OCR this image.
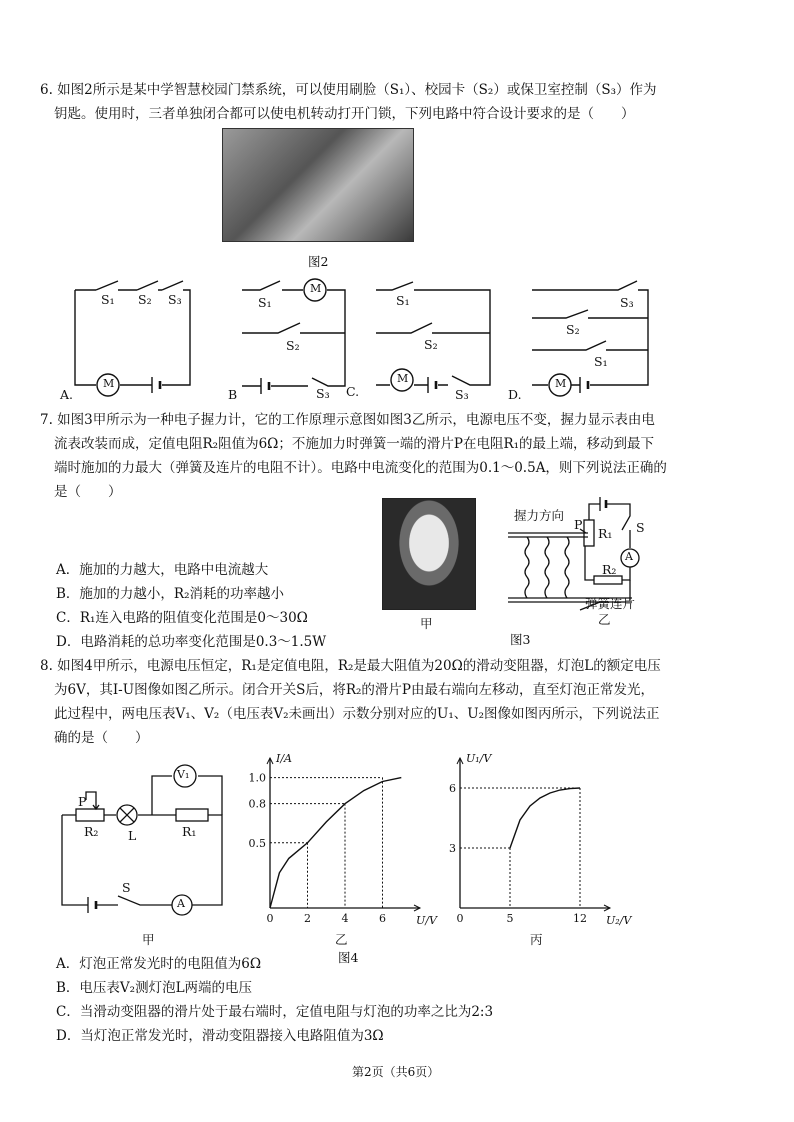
6. 如图2所示是某中学智慧校园门禁系统，可以使用刷脸（S₁）、校园卡（S₂）或保卫室控制（S₃）作为
钥匙。使用时，三者单独闭合都可以使电机转动打开门锁，下列电路中符合设计要求的是（　　）
图2
S₁ S₂ S₃
M
A.
S₁
S₂
S₃
M
B	C.
S₁
S₂
S₃
M
S₃
S₂
S₁
M
D.
7. 如图3甲所示为一种电子握力计，它的工作原理示意图如图3乙所示，电源电压不变，握力显示表由电
流表改装而成，定值电阻R₂阻值为6Ω；不施加力时弹簧一端的滑片P在电阻R₁的最上端，移动到最下
端时施加的力最大（弹簧及连片的电阻不计）。电路中电流变化的范围为0.1～0.5A，则下列说法正确的
是（　　）
A．施加的力越大，电路中电流越大
B．施加的力越小，R₂消耗的功率越小
C．R₁连入电路的阻值变化范围是0～30Ω
D．电路消耗的总功率变化范围是0.3～1.5W
甲
图3
乙
握力方向
P
R₁ S
A
R₂
弹簧连片
8. 如图4甲所示，电源电压恒定，R₁是定值电阻，R₂是最大阻值为20Ω的滑动变阻器，灯泡L的额定电压
为6V，其I-U图像如图乙所示。闭合开关S后，将R₂的滑片P由最右端向左移动，直至灯泡正常发光，
此过程中，两电压表V₁、V₂（电压表V₂未画出）示数分别对应的U₁、U₂图像如图丙所示，下列说法正
确的是（　　）
P
R₂ L	R₁
V₁
S
A
甲
0	2	4	6
0.5
0.8
1.0
U/V
I/A
乙
图4
0	5	12
3
6
U₂/V
U₁/V
丙
A．灯泡正常发光时的电阻值为6Ω
B．电压表V₂测灯泡L两端的电压
C．当滑动变阻器的滑片处于最右端时，定值电阻与灯泡的功率之比为2:3
D．当灯泡正常发光时，滑动变阻器接入电路阻值为3Ω
第2页（共6页）
